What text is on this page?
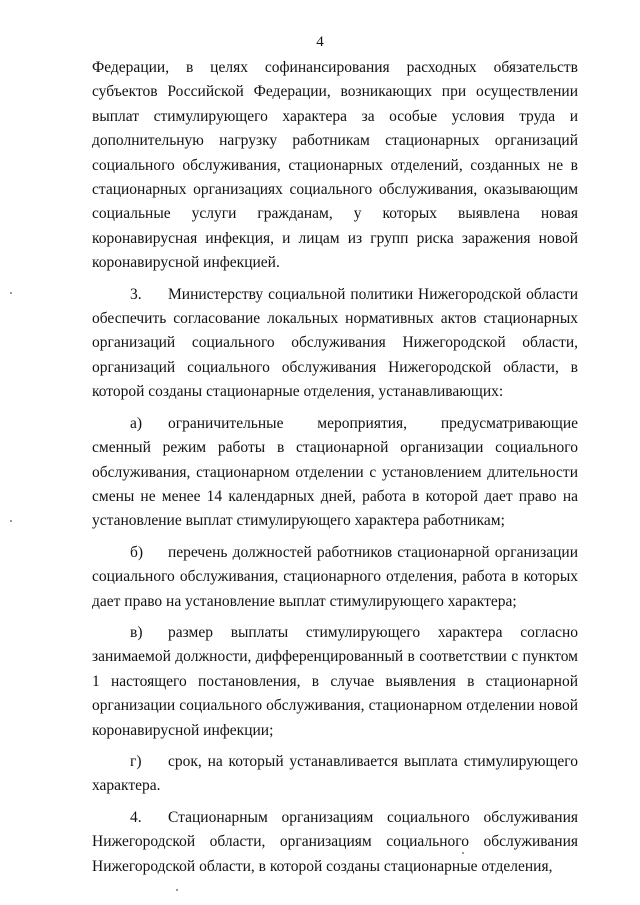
4

Федерации, в целях софинансирования расходных обязательств субъектов Российской Федерации, возникающих при осуществлении выплат стимулирующего характера за особые условия труда и дополнительную нагрузку работникам стационарных организаций социального обслуживания, стационарных отделений, созданных не в стационарных организациях социального обслуживания, оказывающим социальные услуги гражданам, у которых выявлена новая коронавирусная инфекция, и лицам из групп риска заражения новой коронавирусной инфекцией.

3. Министерству социальной политики Нижегородской области обеспечить согласование локальных нормативных актов стационарных организаций социального обслуживания Нижегородской области, организаций социального обслуживания Нижегородской области, в которой созданы стационарные отделения, устанавливающих:

а) ограничительные мероприятия, предусматривающие сменный режим работы в стационарной организации социального обслуживания, стационарном отделении с установлением длительности смены не менее 14 календарных дней, работа в которой дает право на установление выплат стимулирующего характера работникам;

б) перечень должностей работников стационарной организации социального обслуживания, стационарного отделения, работа в которых дает право на установление выплат стимулирующего характера;

в) размер выплаты стимулирующего характера согласно занимаемой должности, дифференцированный в соответствии с пунктом 1 настоящего постановления, в случае выявления в стационарной организации социального обслуживания, стационарном отделении новой коронавирусной инфекции;

г) срок, на который устанавливается выплата стимулирующего характера.

4. Стационарным организациям социального обслуживания Нижегородской области, организациям социального обслуживания Нижегородской области, в которой созданы стационарные отделения,
